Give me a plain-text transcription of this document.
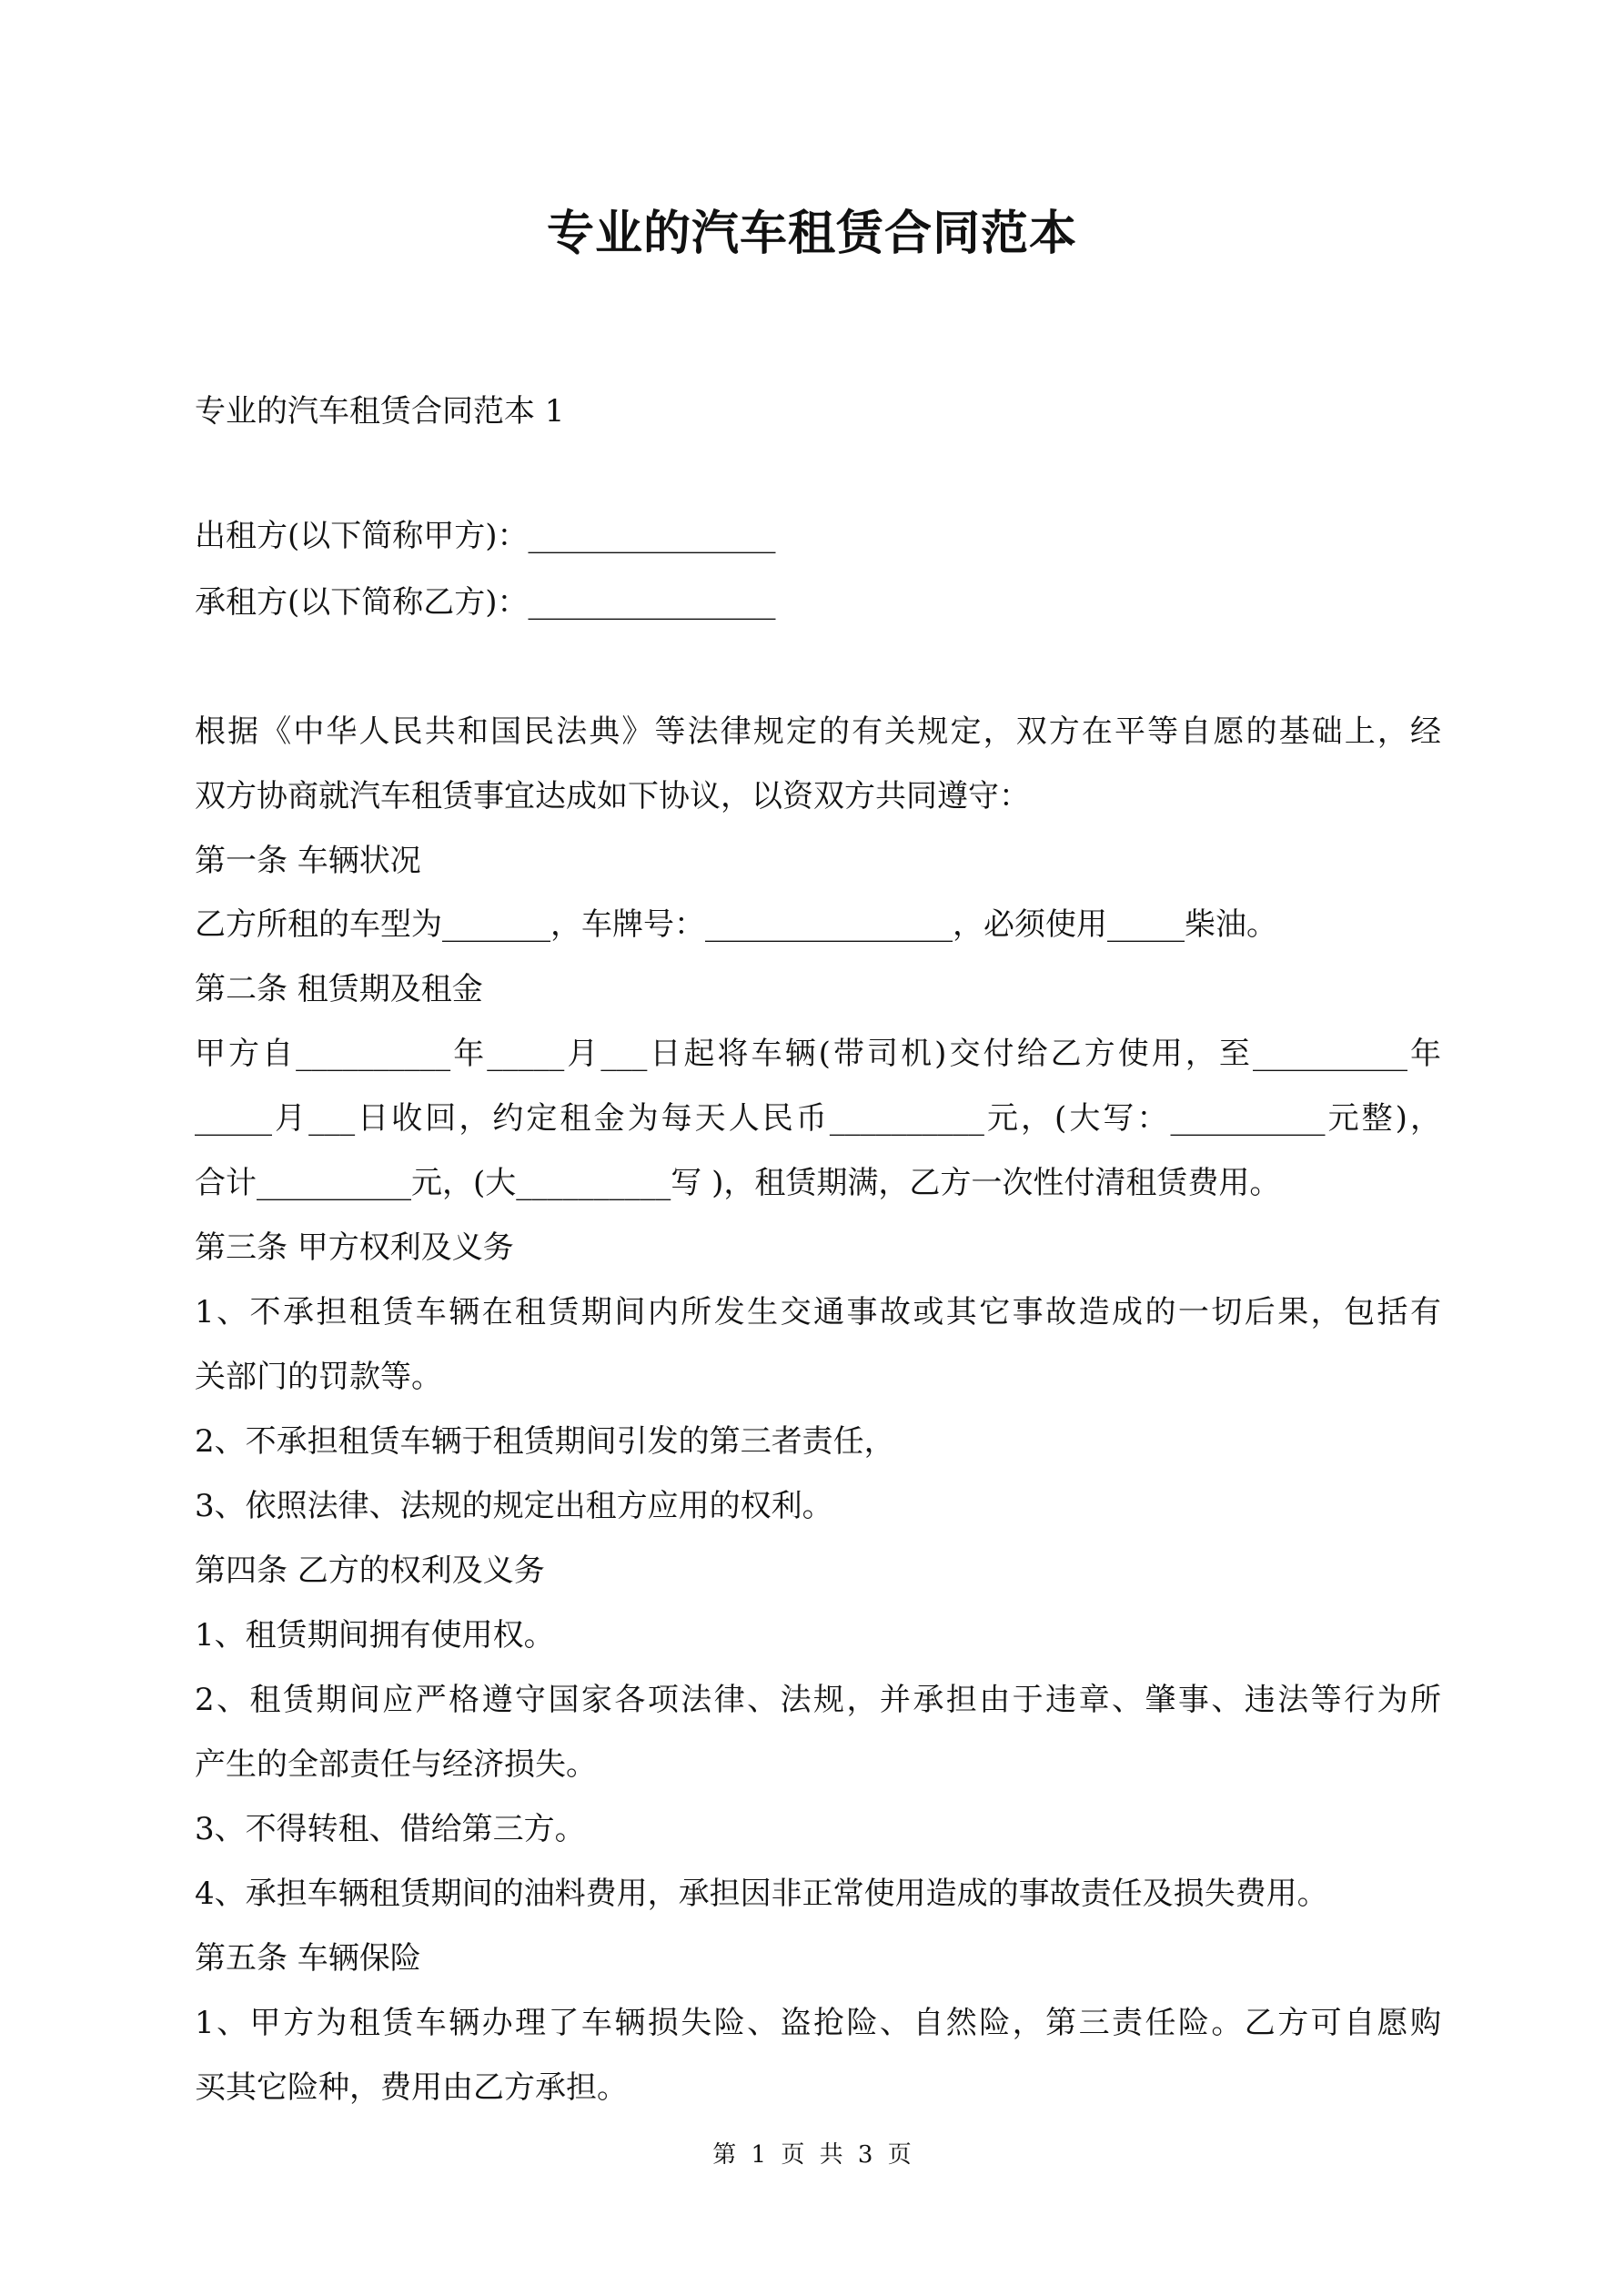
专业的汽车租赁合同范本
专业的汽车租赁合同范本 1
出租方(以下简称甲方)：________________
承租方(以下简称乙方)：________________
根据《中华人民共和国民法典》等法律规定的有关规定，双方在平等自愿的基础上，经
双方协商就汽车租赁事宜达成如下协议，以资双方共同遵守：
第一条 车辆状况
乙方所租的车型为_______，车牌号：________________，必须使用_____柴油。
第二条 租赁期及租金
甲方自__________年_____月___日起将车辆(带司机)交付给乙方使用，至__________年
_____月___日收回，约定租金为每天人民币__________元，(大写：__________元整)，
合计__________元，(大__________写 )，租赁期满，乙方一次性付清租赁费用。
第三条 甲方权利及义务
1、不承担租赁车辆在租赁期间内所发生交通事故或其它事故造成的一切后果，包括有
关部门的罚款等。
2、不承担租赁车辆于租赁期间引发的第三者责任，
3、依照法律、法规的规定出租方应用的权利。
第四条 乙方的权利及义务
1、租赁期间拥有使用权。
2、租赁期间应严格遵守国家各项法律、法规，并承担由于违章、肇事、违法等行为所
产生的全部责任与经济损失。
3、不得转租、借给第三方。
4、承担车辆租赁期间的油料费用，承担因非正常使用造成的事故责任及损失费用。
第五条 车辆保险
1、甲方为租赁车辆办理了车辆损失险、盗抢险、自然险，第三责任险。乙方可自愿购
买其它险种，费用由乙方承担。
第 1 页 共 3 页
